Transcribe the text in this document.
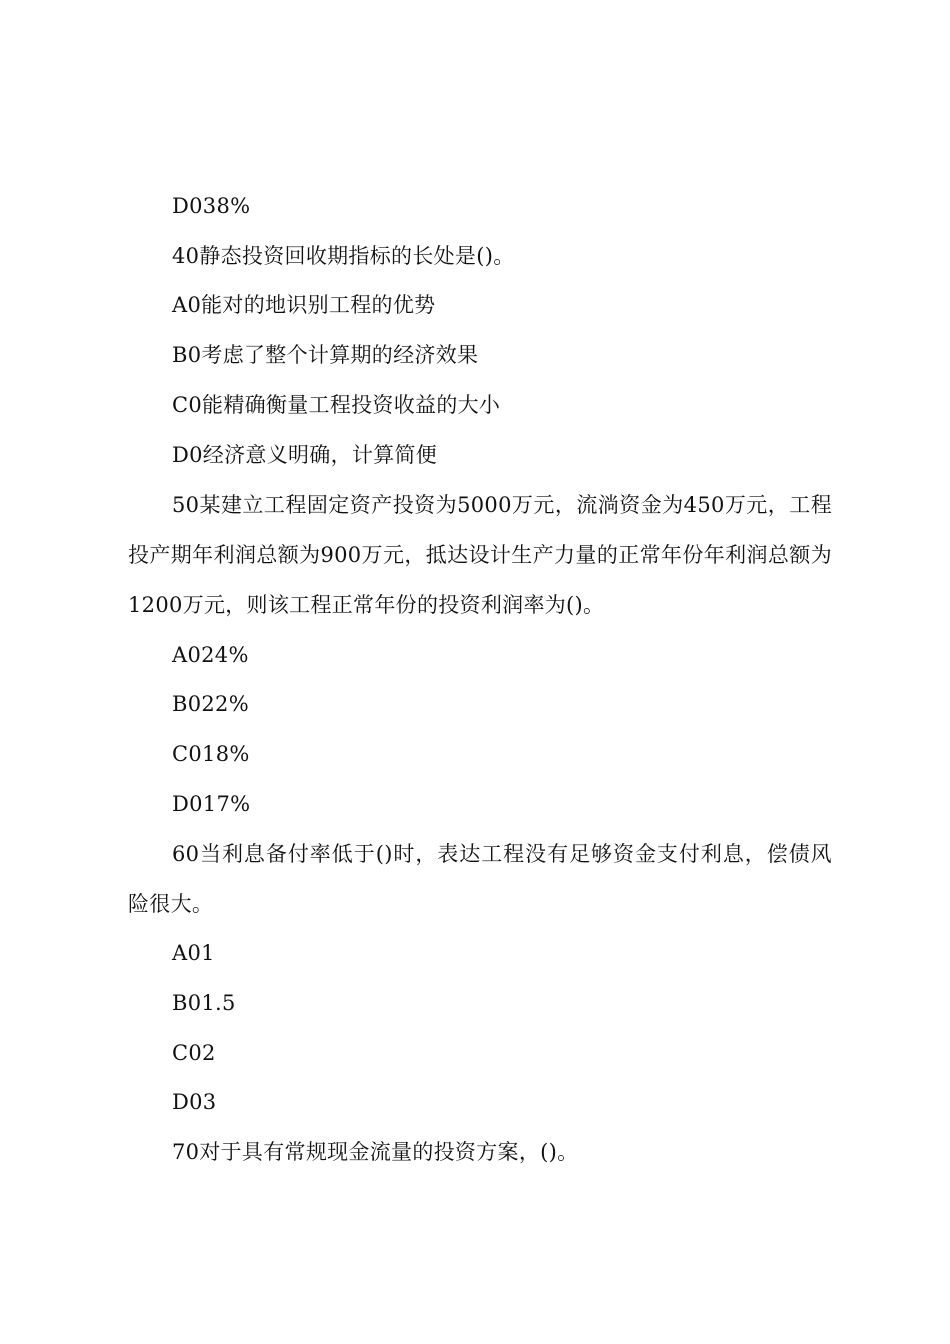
D038%
40静态投资回收期指标的长处是()。
A0能对的地识别工程的优势
B0考虑了整个计算期的经济效果
C0能精确衡量工程投资收益的大小
D0经济意义明确，计算简便
50某建立工程固定资产投资为5000万元，流淌资金为450万元，工程投产期年利润总额为900万元，抵达设计生产力量的正常年份年利润总额为1200万元，则该工程正常年份的投资利润率为()。
A024%
B022%
C018%
D017%
60当利息备付率低于()时，表达工程没有足够资金支付利息，偿债风险很大。
A01
B01.5
C02
D03
70对于具有常规现金流量的投资方案，()。
